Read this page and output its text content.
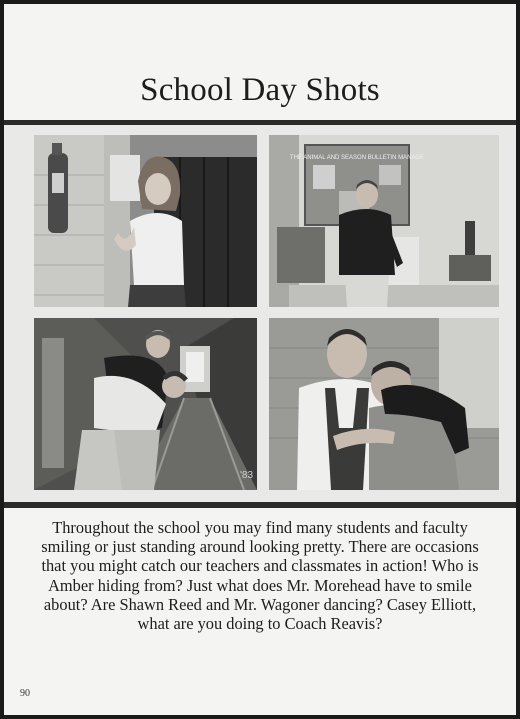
School Day Shots
THE ANIMAL AND SEASON BULLETIN MANAGE
'83
Throughout the school you may find many students and faculty smiling or just standing around looking pretty. There are occasions that you might catch our teachers and classmates in action! Who is Amber hiding from? Just what does Mr. Morehead have to smile about? Are Shawn Reed and Mr. Wagoner dancing? Casey Elliott, what are you doing to Coach Reavis?
90
